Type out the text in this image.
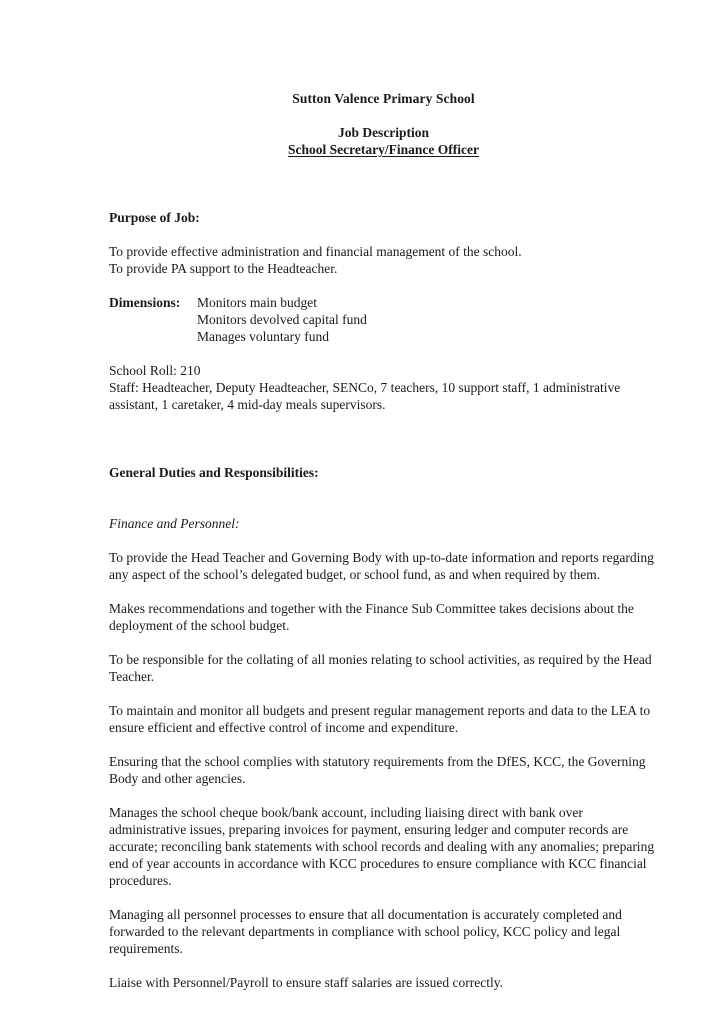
Sutton Valence Primary School
Job Description
School Secretary/Finance Officer
Purpose of Job:
To provide effective administration and financial management of the school.
To provide PA support to the Headteacher.
Dimensions:	Monitors main budget
Monitors devolved capital fund
Manages voluntary fund
School Roll: 210

Staff: Headteacher, Deputy Headteacher, SENCo, 7 teachers, 10 support staff, 1 administrative assistant, 1 caretaker, 4 mid-day meals supervisors.

General Duties and Responsibilities:
Finance and Personnel:

To provide the Head Teacher and Governing Body with up-to-date information and reports regarding any aspect of the school’s delegated budget, or school fund, as and when required by them.

Makes recommendations and together with the Finance Sub Committee takes decisions about the deployment of the school budget.

To be responsible for the collating of all monies relating to school activities, as required by the Head Teacher.

To maintain and monitor all budgets and present regular management reports and data to the LEA to ensure efficient and effective control of income and expenditure.

Ensuring that the school complies with statutory requirements from the DfES, KCC, the Governing Body and other agencies.

Manages the school cheque book/bank account, including liaising direct with bank over administrative issues, preparing invoices for payment, ensuring ledger and computer records are accurate; reconciling bank statements with school records and dealing with any anomalies; preparing end of year accounts in accordance with KCC procedures to ensure compliance with KCC financial procedures.

Managing all personnel processes to ensure that all documentation is accurately completed and forwarded to the relevant departments in compliance with school policy, KCC policy and legal requirements.

Liaise with Personnel/Payroll to ensure staff salaries are issued correctly.
